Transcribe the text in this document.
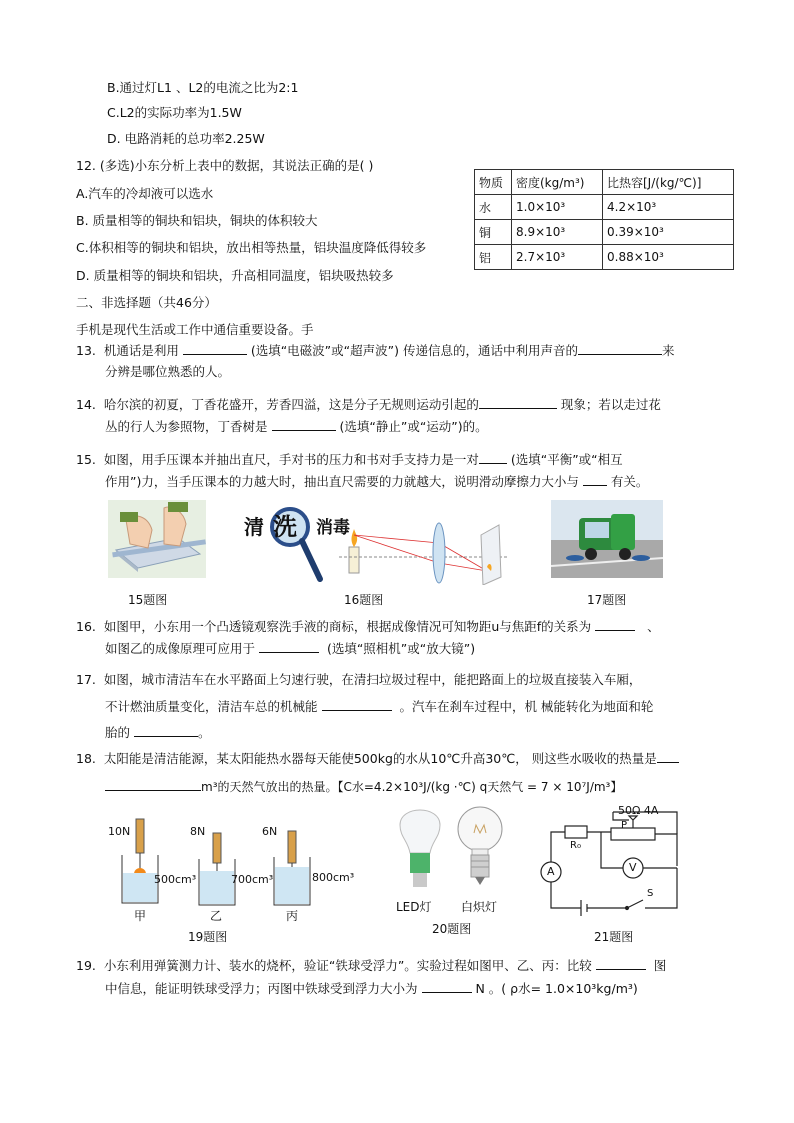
B.通过灯L1 、L2的电流之比为2:1
C.L2的实际功率为1.5W
D. 电路消耗的总功率2.25W
12. (多选)小东分析上表中的数据，其说法正确的是( )
A.汽车的冷却液可以选水
B. 质量相等的铜块和铝块，铜块的体积较大
C.体积相等的铜块和铝块，放出相等热量，铝块温度降低得较多
D. 质量相等的铜块和铝块，升高相同温度，铝块吸热较多
物质	密度(kg/m³)	比热容[J/(kg/℃)]
水	1.0×10³	4.2×10³
铜	8.9×10³	0.39×10³
铝	2.7×10³	0.88×10³
二、非选择题（共46分）
手机是现代生活或工作中通信重要设备。手
13. 机通话是利用	(选填“电磁波”或“超声波”) 传递信息的，通话中利用声音的	来
分辨是哪位熟悉的人。
14. 哈尔滨的初夏，丁香花盛开，芳香四溢，这是分子无规则运动引起的	现象；若以走过花
丛的行人为参照物，丁香树是	(选填“静止”或“运动”)的。
15. 如图，用手压课本并抽出直尺，手对书的压力和书对手支持力是一对	(选填“平衡”或“相互
作用”)力，当手压课本的力越大时，抽出直尺需要的力就越大，说明滑动摩擦力大小与	有关。
15题图
清 洗 消毒
16题图	17题图
16. 如图甲，小东用一个凸透镜观察洗手液的商标，根据成像情况可知物距u与焦距f的关系为	、
如图乙的成像原理可应用于	(选填“照相机”或“放大镜”)
17. 如图，城市清洁车在水平路面上匀速行驶，在清扫垃圾过程中，能把路面上的垃圾直接装入车厢，
不计燃油质量变化，清洁车总的机械能	。汽车在刹车过程中，机 械能转化为地面和轮
胎的	。
18. 太阳能是清洁能源，某太阳能热水器每天能使500kg的水从10℃升高30℃， 则这些水吸收的热量是
m³的天然气放出的热量。【C水=4.2×10³J/(kg ·℃) q天然气 = 7 × 10⁷J/m³】
10N	8N	6N
500cm³	700cm³	800cm³
甲	乙	丙
19题图
LED灯 白炽灯
20题图
50Ω 4A
P
R₀
A	V
S
21题图
19. 小东利用弹簧测力计、装水的烧杯，验证“铁球受浮力”。实验过程如图甲、乙、丙：比较	图
中信息，能证明铁球受浮力；丙图中铁球受到浮力大小为	N 。( ρ水= 1.0×10³kg/m³)
